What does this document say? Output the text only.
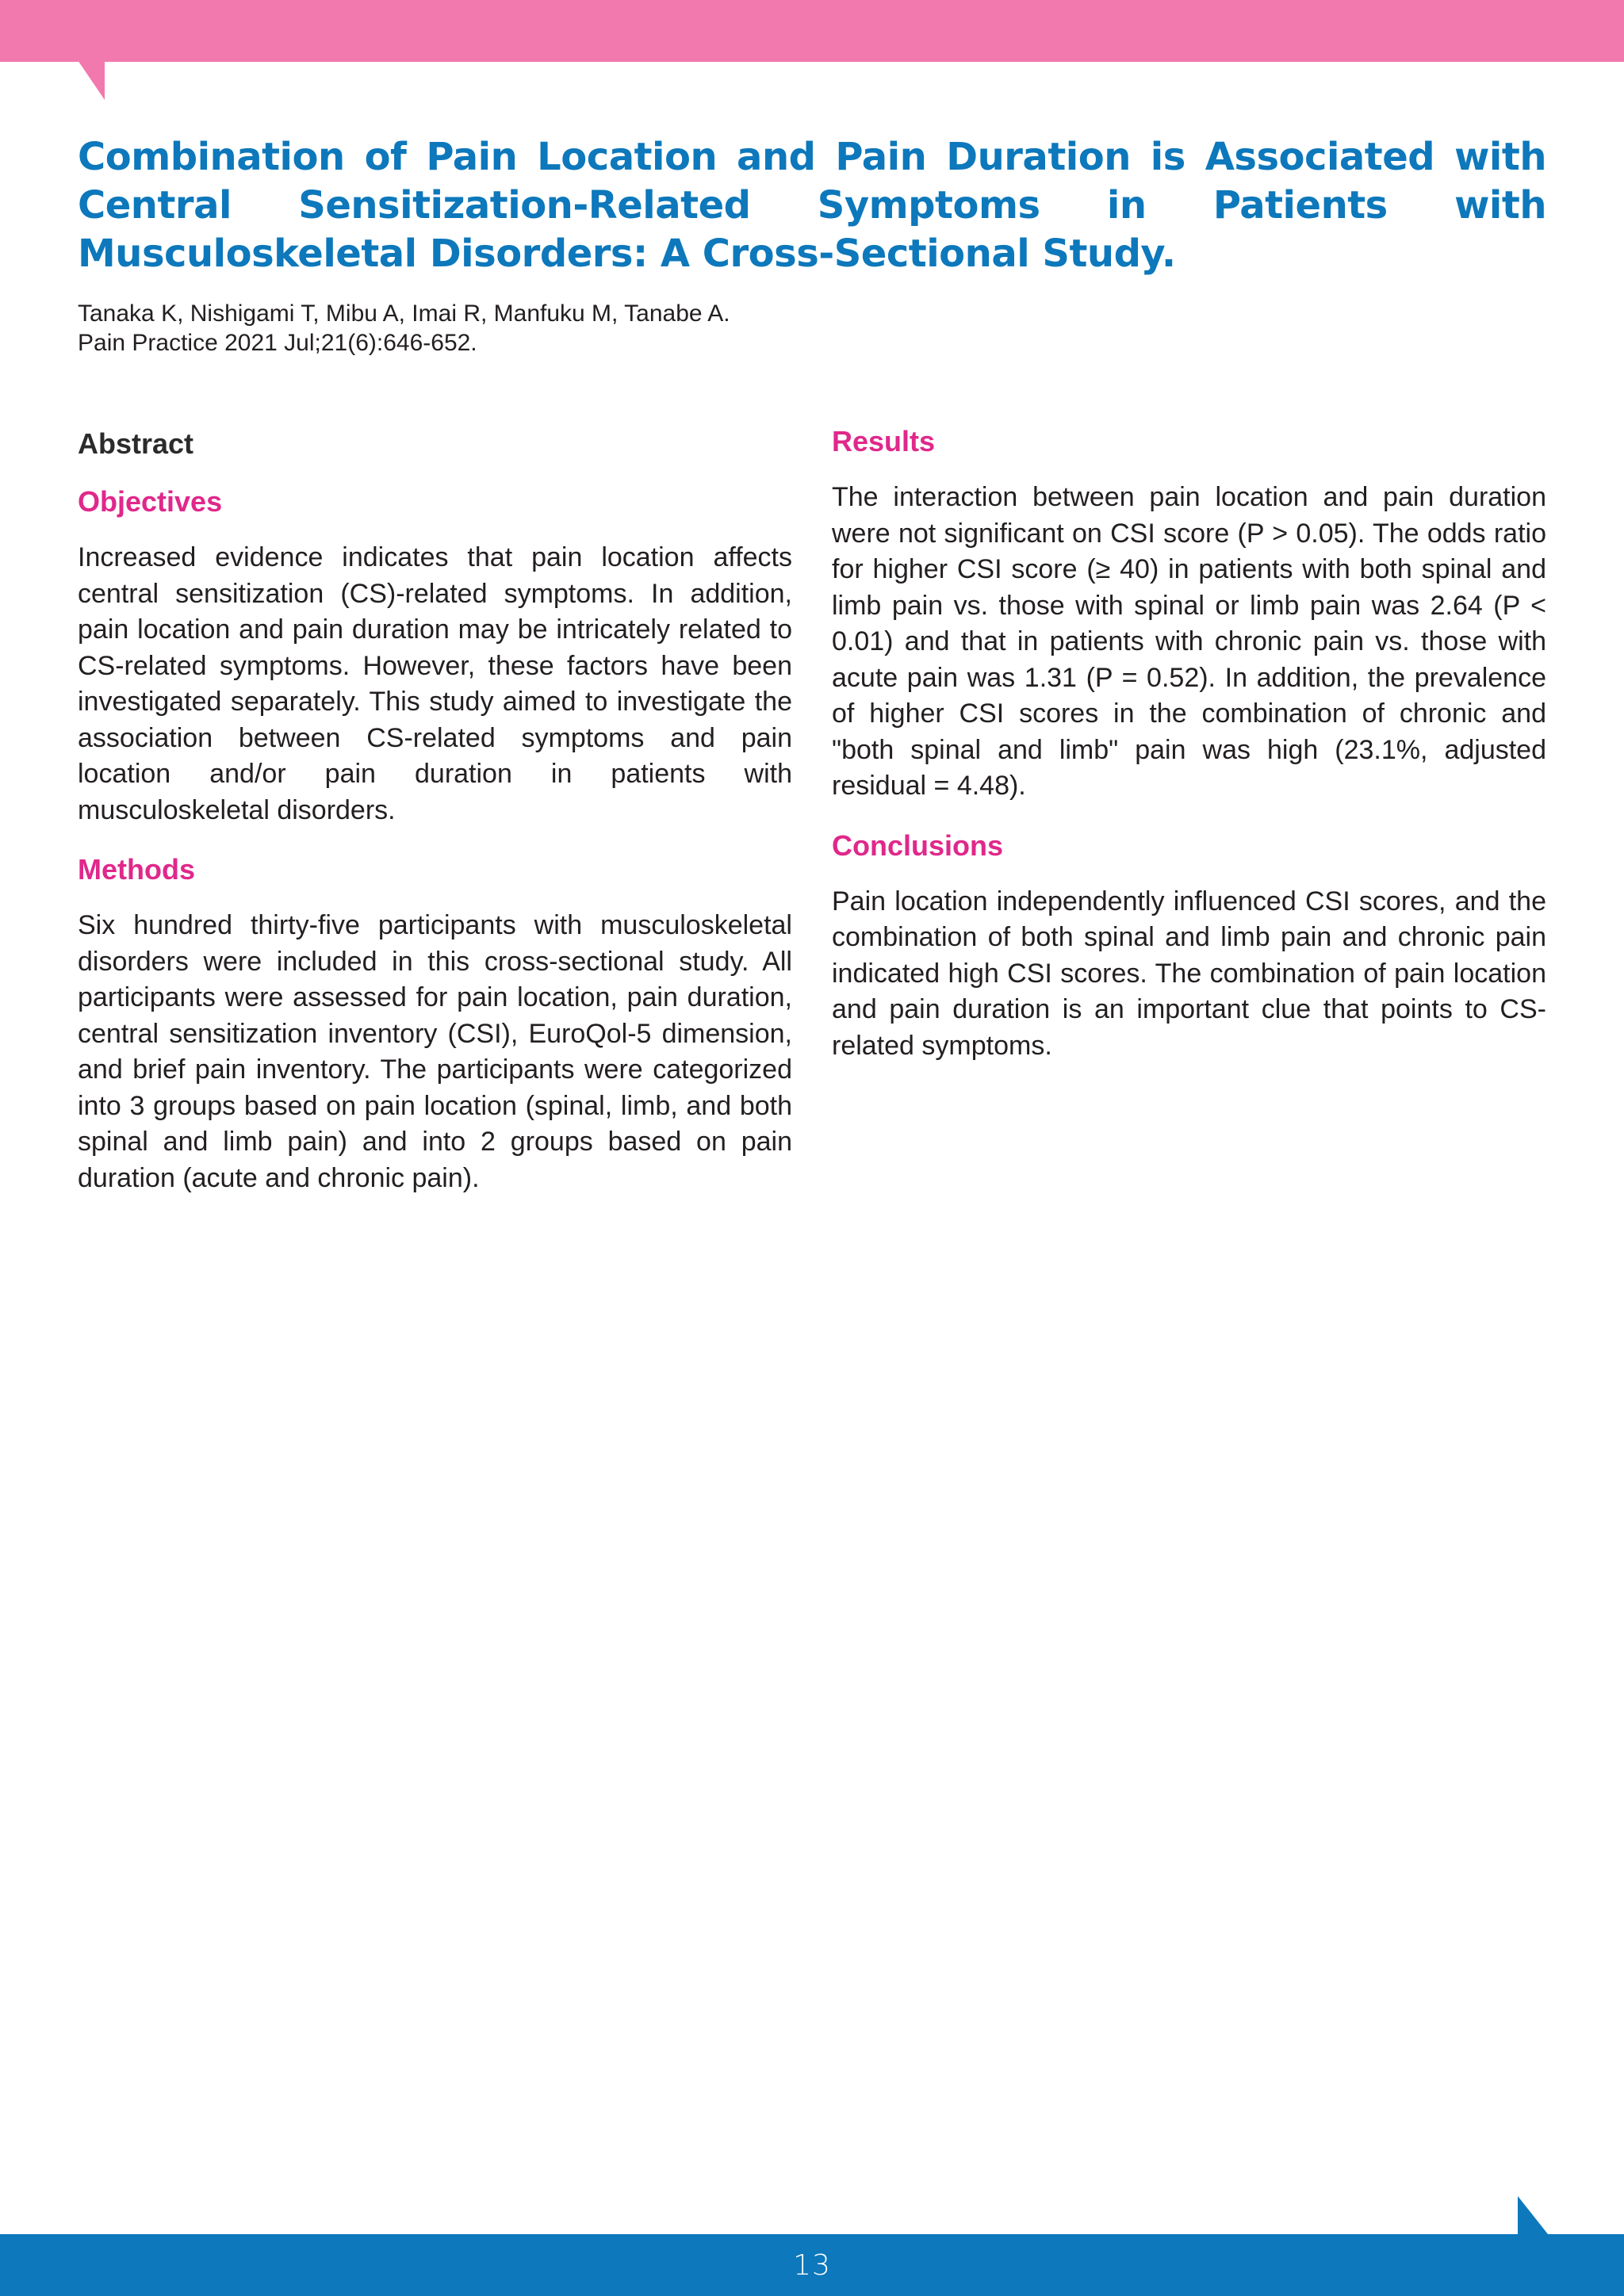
Combination of Pain Location and Pain Duration is Associated with Central Sensitization-Related Symptoms in Patients with Musculoskeletal Disorders: A Cross-Sectional Study.
Tanaka K, Nishigami T, Mibu A, Imai R, Manfuku M, Tanabe A.
Pain Practice 2021 Jul;21(6):646-652.
Abstract
Objectives

Increased evidence indicates that pain location affects central sensitization (CS)-related symptoms. In addition, pain location and pain duration may be intricately related to CS-related symptoms. However, these factors have been investigated separately. This study aimed to investigate the association between CS-related symptoms and pain location and/or pain duration in patients with musculoskeletal disorders.

Methods

Six hundred thirty-five participants with musculoskeletal disorders were included in this cross-sectional study. All participants were assessed for pain location, pain duration, central sensitization inventory (CSI), EuroQol-5 dimension, and brief pain inventory. The participants were categorized into 3 groups based on pain location (spinal, limb, and both spinal and limb pain) and into 2 groups based on pain duration (acute and chronic pain).

Results

The interaction between pain location and pain duration were not significant on CSI score (P > 0.05). The odds ratio for higher CSI score (≥ 40) in patients with both spinal and limb pain vs. those with spinal or limb pain was 2.64 (P < 0.01) and that in patients with chronic pain vs. those with acute pain was 1.31 (P = 0.52). In addition, the prevalence of higher CSI scores in the combination of chronic and "both spinal and limb" pain was high (23.1%, adjusted residual = 4.48).

Conclusions

Pain location independently influenced CSI scores, and the combination of both spinal and limb pain and chronic pain indicated high CSI scores. The combination of pain location and pain duration is an important clue that points to CS-related symptoms.

13
